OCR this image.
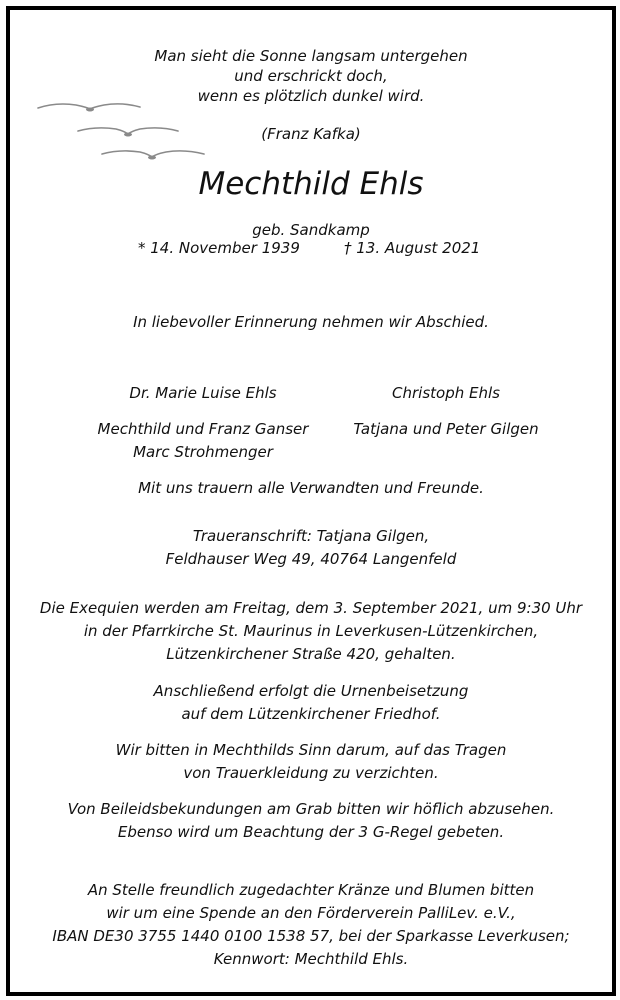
Man sieht die Sonne langsam untergehen
und erschrickt doch,
wenn es plötzlich dunkel wird.
(Franz Kafka)
Mechthild Ehls
geb. Sandkamp
* 14. November 1939	† 13. August 2021
In liebevoller Erinnerung nehmen wir Abschied.
Dr. Marie Luise Ehls	Christoph Ehls
Mechthild und Franz Ganser	Tatjana und Peter Gilgen
Marc Strohmenger
Mit uns trauern alle Verwandten und Freunde.
Traueranschrift: Tatjana Gilgen,
Feldhauser Weg 49, 40764 Langenfeld
Die Exequien werden am Freitag, dem 3. September 2021, um 9:30 Uhr
in der Pfarrkirche St. Maurinus in Leverkusen-Lützenkirchen,
Lützenkirchener Straße 420, gehalten.
Anschließend erfolgt die Urnenbeisetzung
auf dem Lützenkirchener Friedhof.
Wir bitten in Mechthilds Sinn darum, auf das Tragen
von Trauerkleidung zu verzichten.
Von Beileidsbekundungen am Grab bitten wir höflich abzusehen.
Ebenso wird um Beachtung der 3 G-Regel gebeten.
An Stelle freundlich zugedachter Kränze und Blumen bitten
wir um eine Spende an den Förderverein PalliLev. e.V.,
IBAN DE30 3755 1440 0100 1538 57, bei der Sparkasse Leverkusen;
Kennwort: Mechthild Ehls.
